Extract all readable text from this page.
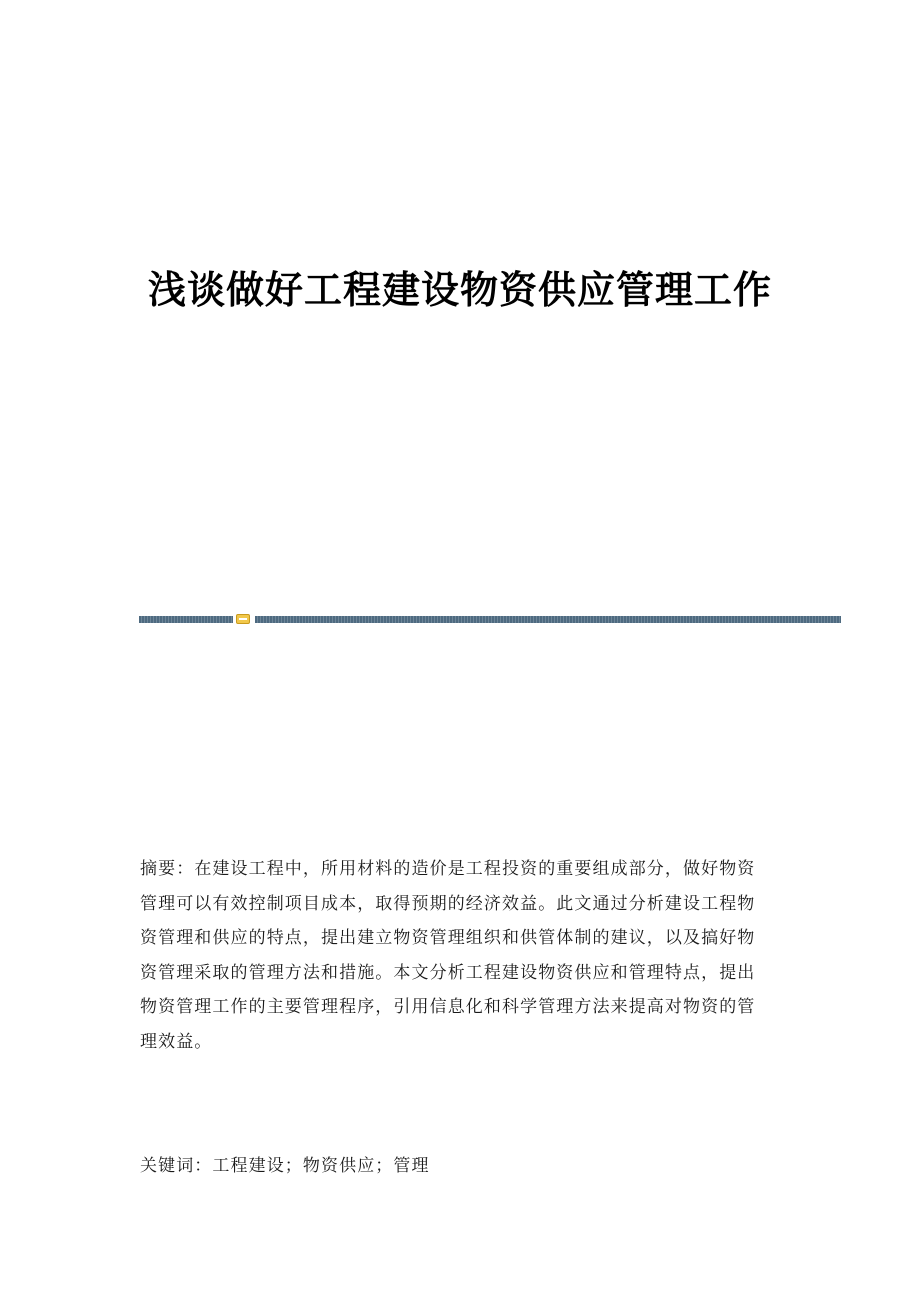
浅谈做好工程建设物资供应管理工作

摘要：在建设工程中，所用材料的造价是工程投资的重要组成部分，做好物资管理可以有效控制项目成本，取得预期的经济效益。此文通过分析建设工程物资管理和供应的特点，提出建立物资管理组织和供管体制的建议，以及搞好物资管理采取的管理方法和措施。本文分析工程建设物资供应和管理特点，提出物资管理工作的主要管理程序，引用信息化和科学管理方法来提高对物资的管理效益。

关键词：工程建设；物资供应；管理
